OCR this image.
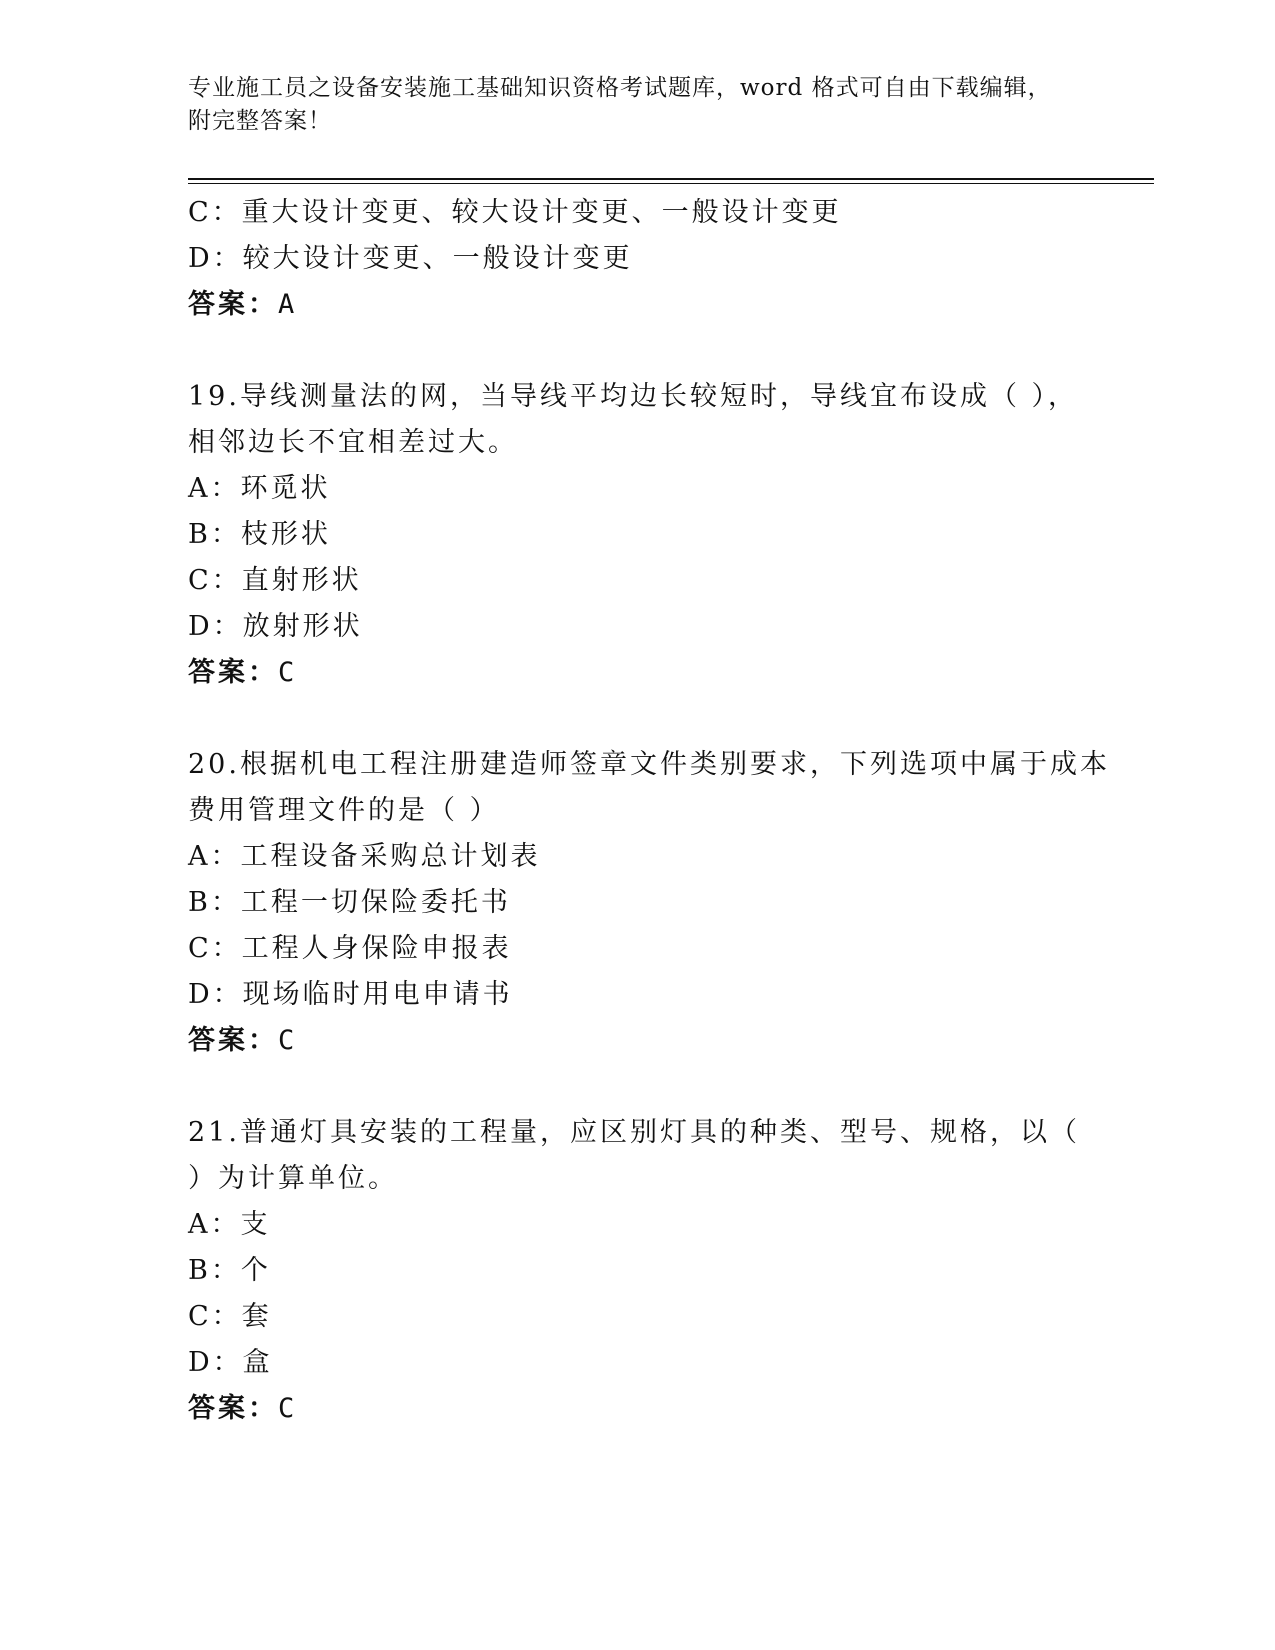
专业施工员之设备安装施工基础知识资格考试题库，word 格式可自由下载编辑，
附完整答案！
C：重大设计变更、较大设计变更、一般设计变更
D：较大设计变更、一般设计变更
答案：A
19.导线测量法的网，当导线平均边长较短时，导线宜布设成（ ），
相邻边长不宜相差过大。
A：环觅状
B：枝形状
C：直射形状
D：放射形状
答案：C
20.根据机电工程注册建造师签章文件类别要求，下列选项中属于成本
费用管理文件的是（ ）
A：工程设备采购总计划表
B：工程一切保险委托书
C：工程人身保险申报表
D：现场临时用电申请书
答案：C
21.普通灯具安装的工程量，应区别灯具的种类、型号、规格，以（
）为计算单位。
A：支
B：个
C：套
D：盒
答案：C
